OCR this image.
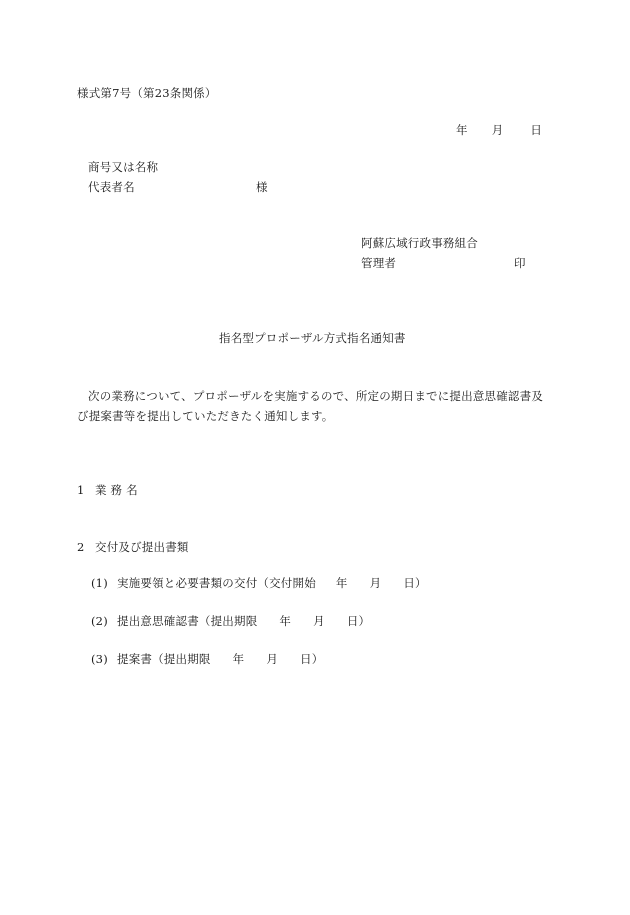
様式第7号（第23条関係）
年 月 日
商号又は名称
代表者名	様
阿蘇広域行政事務組合
管理者	印
指名型プロポーザル方式指名通知書
次の業務について、プロポーザルを実施するので、所定の期日までに提出意思確認書及び提案書等を提出していただきたく通知します。
1 業 務 名
2 交付及び提出書類
(1) 実施要領と必要書類の交付（交付開始 年 月 日）
(2) 提出意思確認書（提出期限 年 月 日）
(3) 提案書（提出期限 年 月 日）
